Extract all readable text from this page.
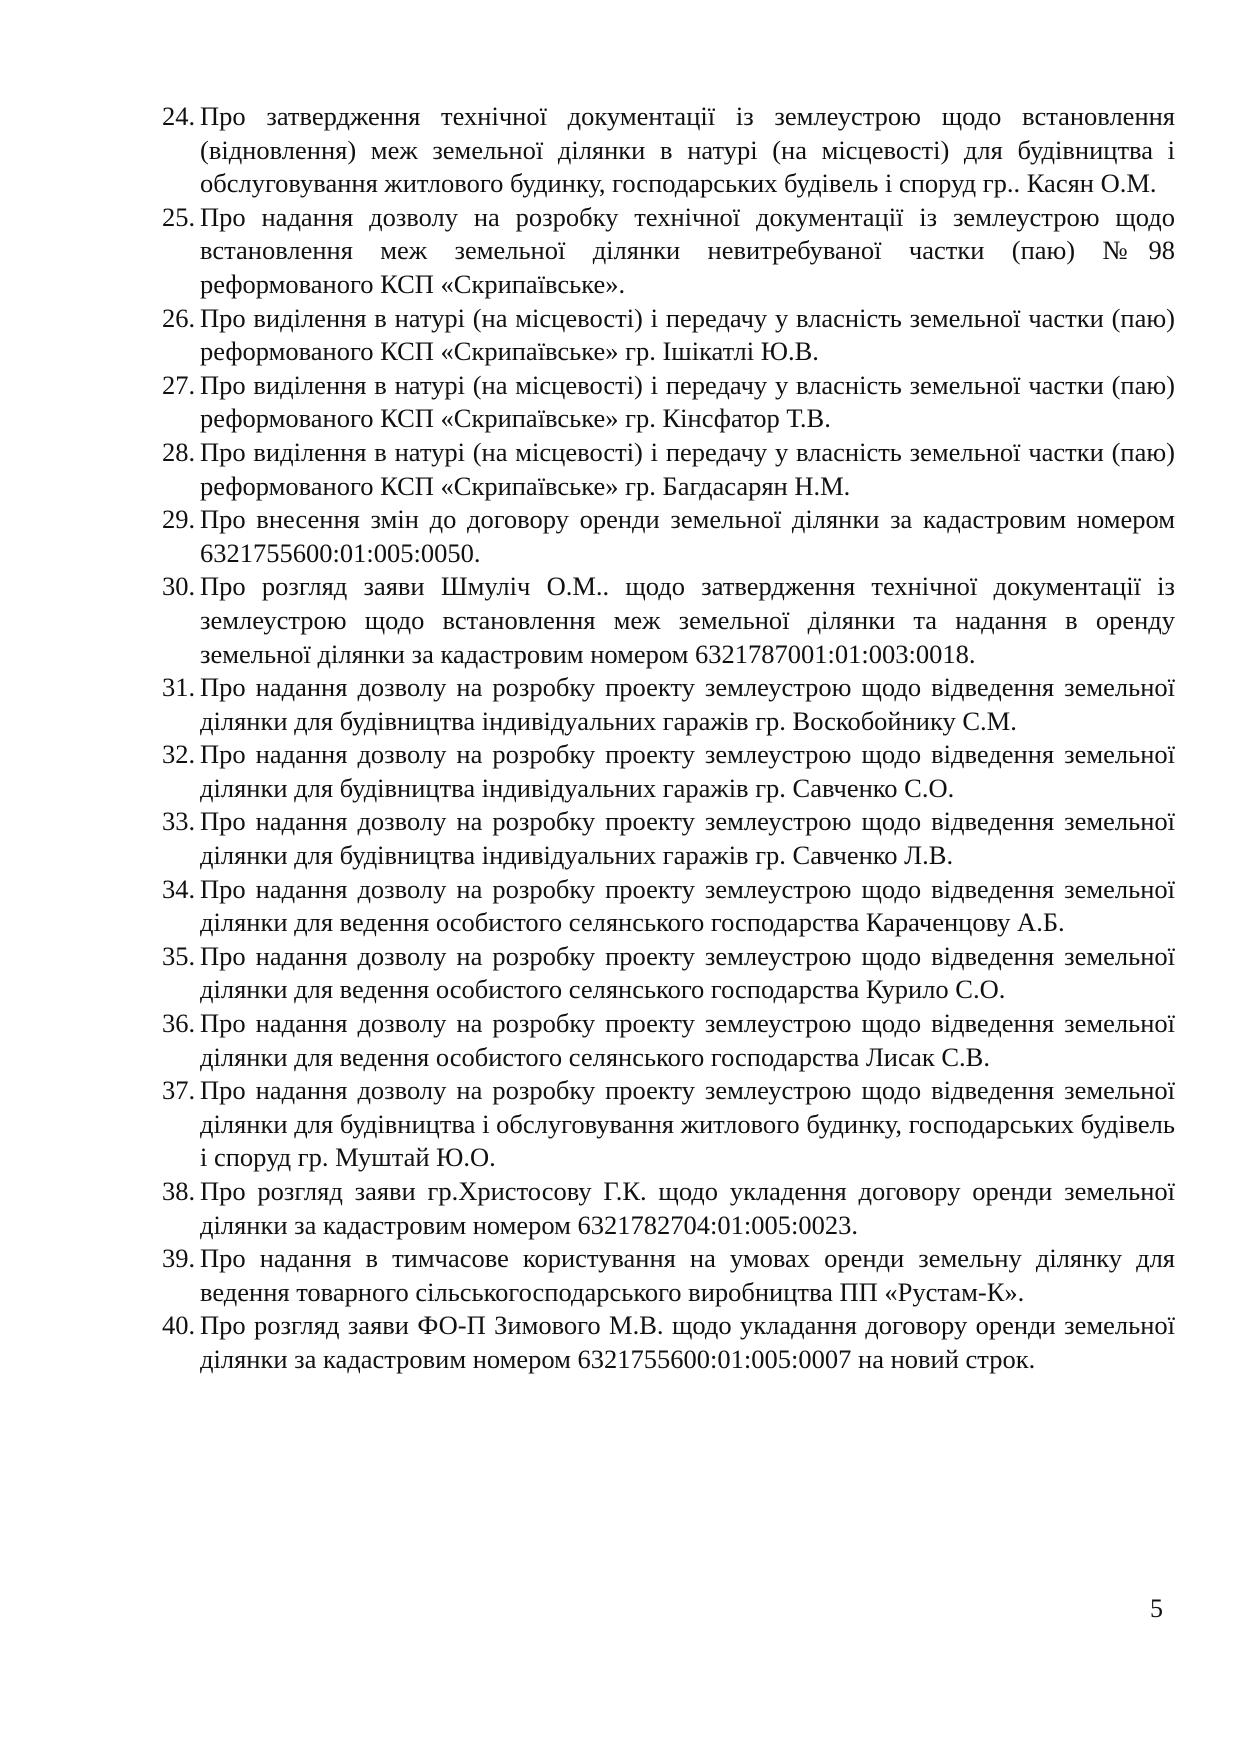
24. Про затвердження технічної документації із землеустрою щодо встановлення (відновлення) меж земельної ділянки в натурі (на місцевості) для будівництва і обслуговування житлового будинку, господарських будівель і споруд гр.. Касян О.М.
25. Про надання дозволу на розробку технічної документації із землеустрою щодо встановлення меж земельної ділянки невитребуваної частки (паю) №98 реформованого КСП «Скрипаївське».
26. Про виділення в натурі (на місцевості) і передачу у власність земельної частки (паю) реформованого КСП «Скрипаївське» гр. Ішікатлі Ю.В.
27. Про виділення в натурі (на місцевості) і передачу у власність земельної частки (паю) реформованого КСП «Скрипаївське» гр. Кінсфатор Т.В.
28. Про виділення в натурі (на місцевості) і передачу у власність земельної частки (паю) реформованого КСП «Скрипаївське» гр. Багдасарян Н.М.
29. Про внесення змін до договору оренди земельної ділянки за кадастровим номером 6321755600:01:005:0050.
30. Про розгляд заяви Шмуліч О.М.. щодо затвердження технічної документації із землеустрою щодо встановлення меж земельної ділянки та надання в оренду земельної ділянки за кадастровим номером 6321787001:01:003:0018.
31. Про надання дозволу на розробку проекту землеустрою щодо відведення земельної ділянки для будівництва індивідуальних гаражів гр. Воскобойнику С.М.
32. Про надання дозволу на розробку проекту землеустрою щодо відведення земельної ділянки для будівництва індивідуальних гаражів гр. Савченко С.О.
33. Про надання дозволу на розробку проекту землеустрою щодо відведення земельної ділянки для будівництва індивідуальних гаражів гр. Савченко Л.В.
34. Про надання дозволу на розробку проекту землеустрою щодо відведення земельної ділянки для ведення особистого селянського господарства Караченцову А.Б.
35. Про надання дозволу на розробку проекту землеустрою щодо відведення земельної ділянки для ведення особистого селянського господарства Курило С.О.
36. Про надання дозволу на розробку проекту землеустрою щодо відведення земельної ділянки для ведення особистого селянського господарства Лисак С.В.
37. Про надання дозволу на розробку проекту землеустрою щодо відведення земельної ділянки для будівництва і обслуговування житлового будинку, господарських будівель і споруд гр. Муштай Ю.О.
38. Про розгляд заяви гр.Христосову Г.К. щодо укладення договору оренди земельної ділянки за кадастровим номером 6321782704:01:005:0023.
39. Про надання в тимчасове користування на умовах оренди земельну ділянку для ведення товарного сільськогосподарського виробництва ПП «Рустам-К».
40. Про розгляд заяви ФО-П Зимового М.В. щодо укладання договору оренди земельної ділянки за кадастровим номером 6321755600:01:005:0007 на новий строк.
5
